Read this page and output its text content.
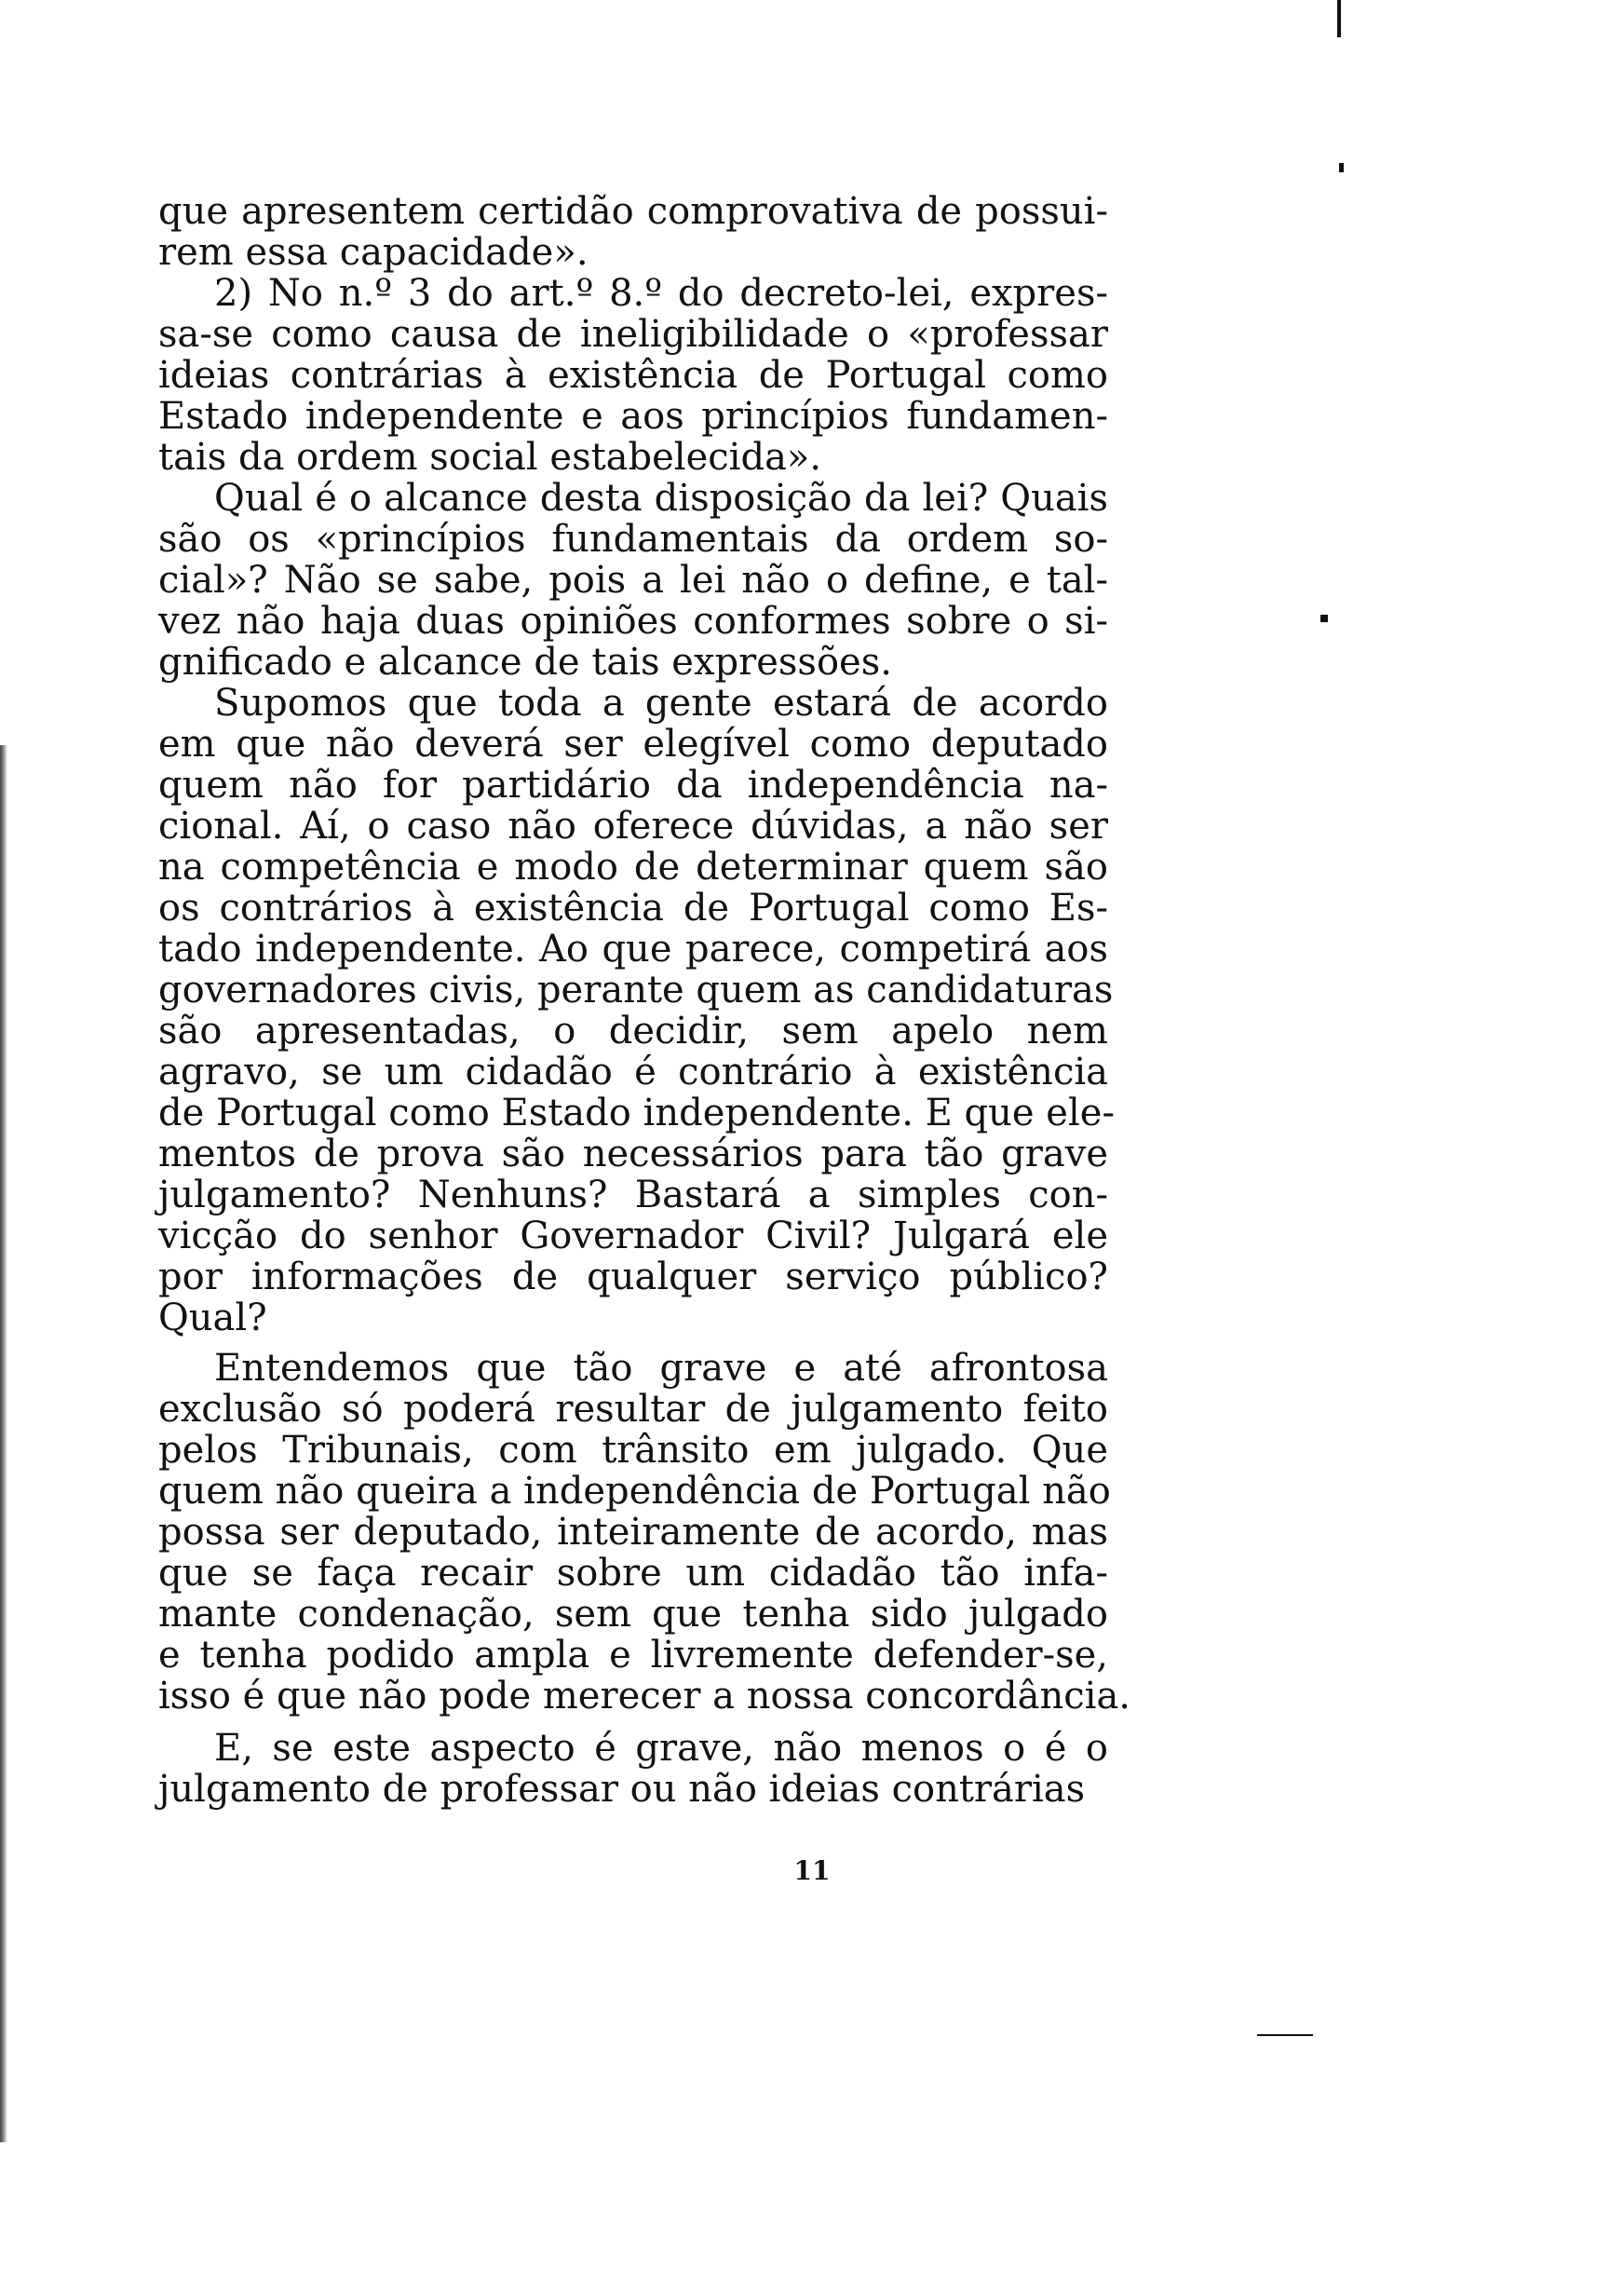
que apresentem certidão comprovativa de possui-
rem essa capacidade».
2) No n.º 3 do art.º 8.º do decreto-lei, expres-
sa-se como causa de ineligibilidade o «professar
ideias contrárias à existência de Portugal como
Estado independente e aos princípios fundamen-
tais da ordem social estabelecida».
Qual é o alcance desta disposição da lei? Quais
são os «princípios fundamentais da ordem so-
cial»? Não se sabe, pois a lei não o define, e tal-
vez não haja duas opiniões conformes sobre o si-
gnificado e alcance de tais expressões.
Supomos que toda a gente estará de acordo
em que não deverá ser elegível como deputado
quem não for partidário da independência na-
cional. Aí, o caso não oferece dúvidas, a não ser
na competência e modo de determinar quem são
os contrários à existência de Portugal como Es-
tado independente. Ao que parece, competirá aos
governadores civis, perante quem as candidaturas
são apresentadas, o decidir, sem apelo nem
agravo, se um cidadão é contrário à existência
de Portugal como Estado independente. E que ele-
mentos de prova são necessários para tão grave
julgamento? Nenhuns? Bastará a simples con-
vicção do senhor Governador Civil? Julgará ele
por informações de qualquer serviço público?
Qual?
Entendemos que tão grave e até afrontosa
exclusão só poderá resultar de julgamento feito
pelos Tribunais, com trânsito em julgado. Que
quem não queira a independência de Portugal não
possa ser deputado, inteiramente de acordo, mas
que se faça recair sobre um cidadão tão infa-
mante condenação, sem que tenha sido julgado
e tenha podido ampla e livremente defender-se,
isso é que não pode merecer a nossa concordância.
E, se este aspecto é grave, não menos o é o
julgamento de professar ou não ideias contrárias
11
